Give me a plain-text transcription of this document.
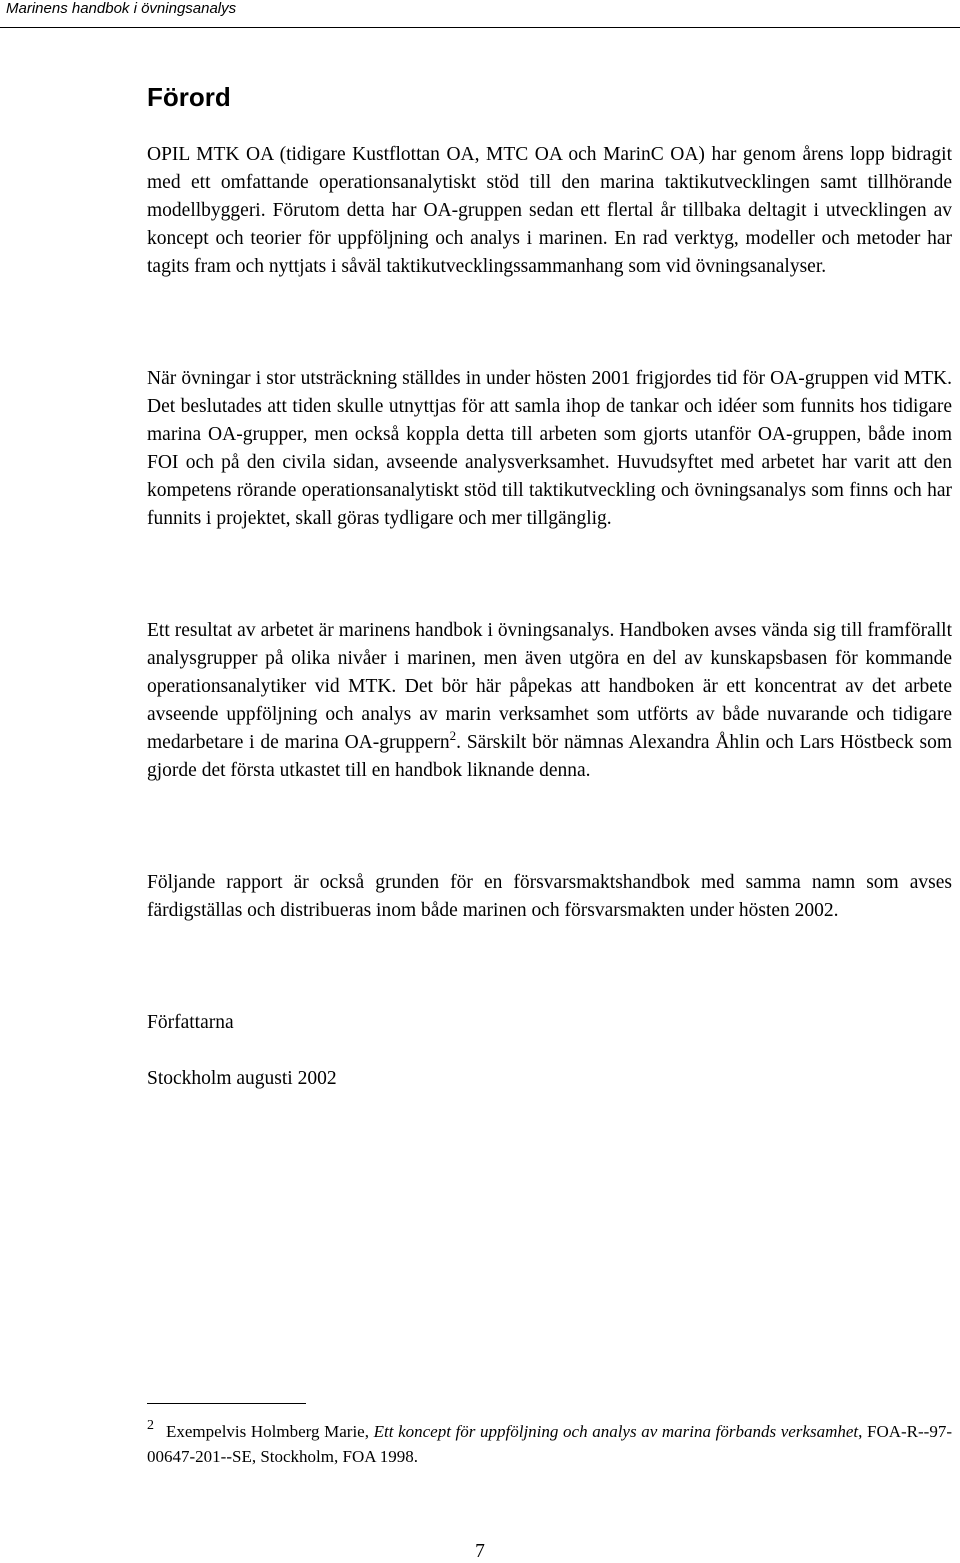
Marinens handbok i övningsanalys
Förord

OPIL MTK OA (tidigare Kustflottan OA, MTC OA och MarinC OA) har genom årens lopp bidragit med ett omfattande operationsanalytiskt stöd till den marina taktikutvecklingen samt tillhörande modellbyggeri. Förutom detta har OA-gruppen sedan ett flertal år tillbaka deltagit i utvecklingen av koncept och teorier för uppföljning och analys i marinen. En rad verktyg, modeller och metoder har tagits fram och nyttjats i såväl taktikutvecklingssammanhang som vid övningsanalyser.

När övningar i stor utsträckning ställdes in under hösten 2001 frigjordes tid för OA-gruppen vid MTK. Det beslutades att tiden skulle utnyttjas för att samla ihop de tankar och idéer som funnits hos tidigare marina OA-grupper, men också koppla detta till arbeten som gjorts utanför OA-gruppen, både inom FOI och på den civila sidan, avseende analysverksamhet. Huvudsyftet med arbetet har varit att den kompetens rörande operationsanalytiskt stöd till taktikutveckling och övningsanalys som finns och har funnits i projektet, skall göras tydligare och mer tillgänglig.

Ett resultat av arbetet är marinens handbok i övningsanalys. Handboken avses vända sig till framförallt analysgrupper på olika nivåer i marinen, men även utgöra en del av kunskapsbasen för kommande operationsanalytiker vid MTK. Det bör här påpekas att handboken är ett koncentrat av det arbete avseende uppföljning och analys av marin verksamhet som utförts av både nuvarande och tidigare medarbetare i de marina OA-gruppern$^2$. Särskilt bör nämnas Alexandra Åhlin och Lars Höstbeck som gjorde det första utkastet till en handbok liknande denna.

Följande rapport är också grunden för en försvarsmaktshandbok med samma namn som avses färdigställas och distribueras inom både marinen och försvarsmakten under hösten 2002.

Författarna

Stockholm augusti 2002

$^2$ Exempelvis Holmberg Marie, Ett koncept för uppföljning och analys av marina förbands verksamhet, FOA-R--97-00647-201--SE, Stockholm, FOA 1998.

7
